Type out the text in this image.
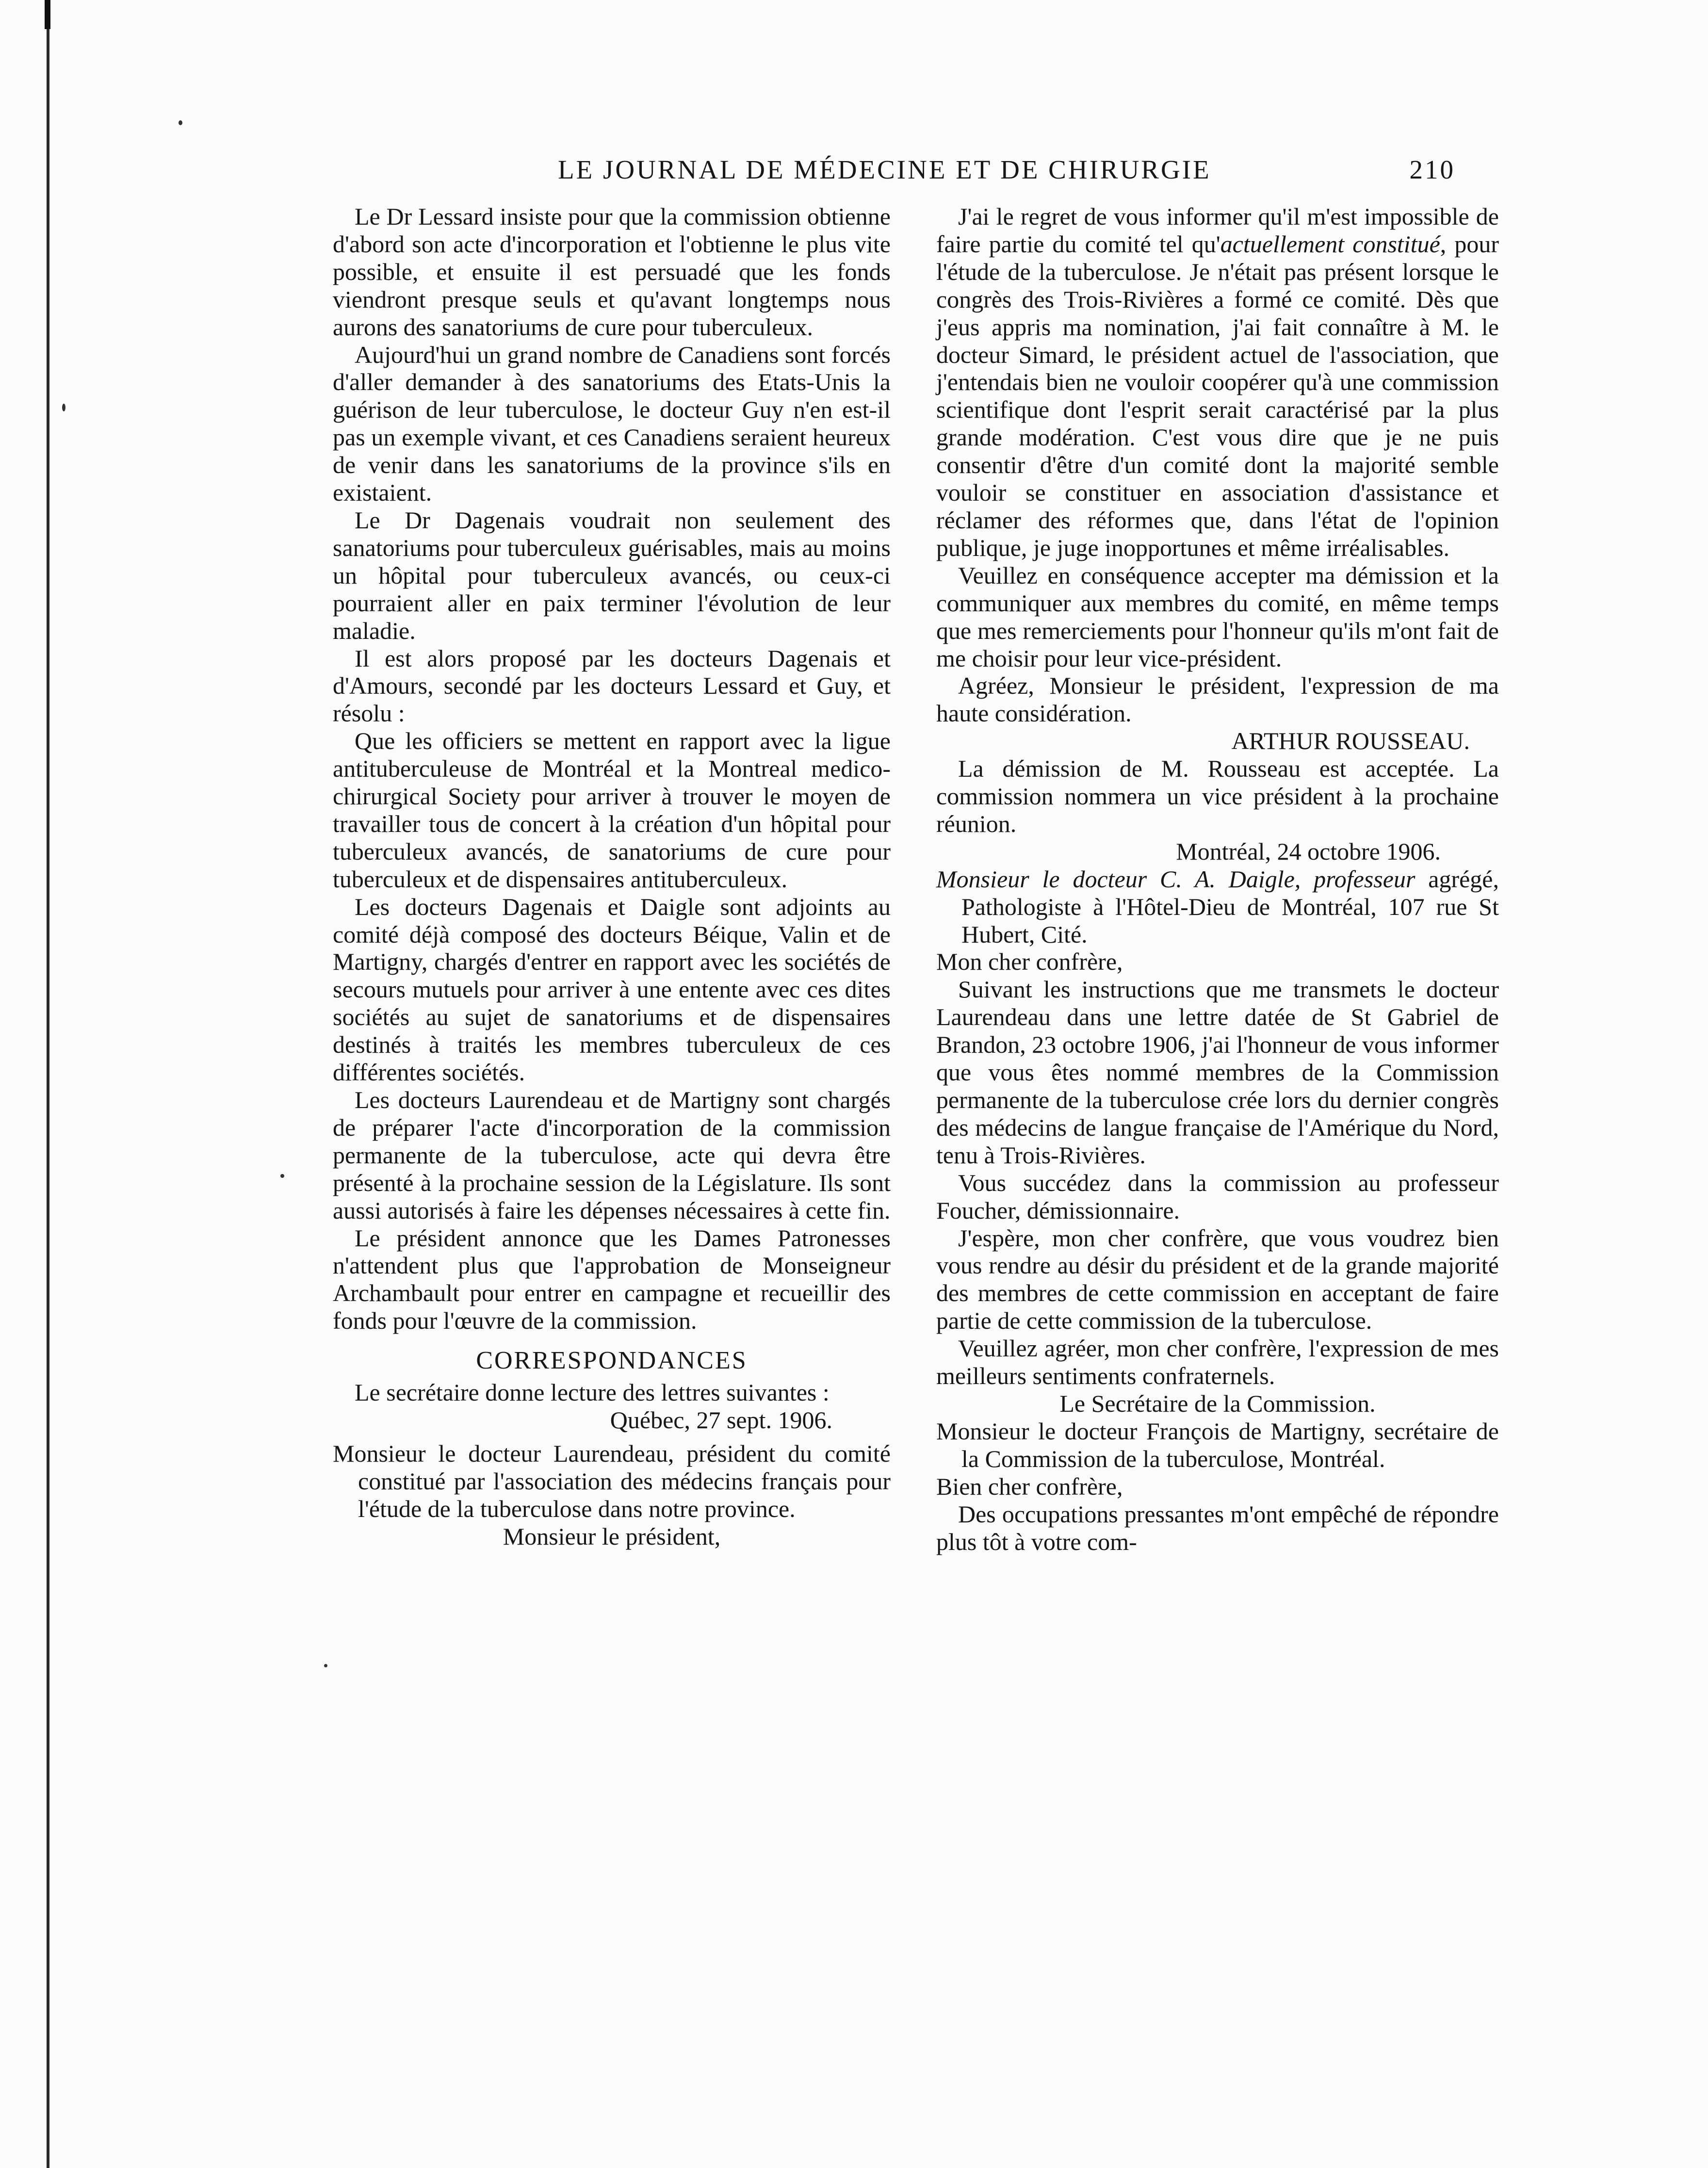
LE JOURNAL DE MÉDECINE ET DE CHIRURGIE	210

Le Dr Lessard insiste pour que la commission obtienne d'abord son acte d'incorporation et l'obtienne le plus vite possible, et ensuite il est persuadé que les fonds viendront presque seuls et qu'avant longtemps nous aurons des sanatoriums de cure pour tuberculeux.

Aujourd'hui un grand nombre de Canadiens sont forcés d'aller demander à des sanatoriums des Etats-Unis la guérison de leur tuberculose, le docteur Guy n'en est-il pas un exemple vivant, et ces Canadiens seraient heureux de venir dans les sanatoriums de la province s'ils en existaient.

Le Dr Dagenais voudrait non seulement des sanatoriums pour tuberculeux guérisables, mais au moins un hôpital pour tuberculeux avancés, ou ceux-ci pourraient aller en paix terminer l'évolution de leur maladie.

Il est alors proposé par les docteurs Dagenais et d'Amours, secondé par les docteurs Lessard et Guy, et résolu :

Que les officiers se mettent en rapport avec la ligue antituberculeuse de Montréal et la Montreal medico-chirurgical Society pour arriver à trouver le moyen de travailler tous de concert à la création d'un hôpital pour tuberculeux avancés, de sanatoriums de cure pour tuberculeux et de dispensaires antituberculeux.

Les docteurs Dagenais et Daigle sont adjoints au comité déjà composé des docteurs Béique, Valin et de Martigny, chargés d'entrer en rapport avec les sociétés de secours mutuels pour arriver à une entente avec ces dites sociétés au sujet de sanatoriums et de dispensaires destinés à traités les membres tuberculeux de ces différentes sociétés.

Les docteurs Laurendeau et de Martigny sont chargés de préparer l'acte d'incorporation de la commission permanente de la tuberculose, acte qui devra être présenté à la prochaine session de la Législature. Ils sont aussi autorisés à faire les dépenses nécessaires à cette fin.

Le président annonce que les Dames Patronesses n'attendent plus que l'approbation de Monseigneur Archambault pour entrer en campagne et recueillir des fonds pour l'œuvre de la commission.

CORRESPONDANCES

Le secrétaire donne lecture des lettres suivantes :

Québec, 27 sept. 1906.

Monsieur le docteur Laurendeau, président du comité constitué par l'association des médecins français pour l'étude de la tuberculose dans notre province.

Monsieur le président,

J'ai le regret de vous informer qu'il m'est impossible de faire partie du comité tel qu'actuellement constitué, pour l'étude de la tuberculose. Je n'était pas présent lorsque le congrès des Trois-Rivières a formé ce comité. Dès que j'eus appris ma nomination, j'ai fait connaître à M. le docteur Simard, le président actuel de l'association, que j'entendais bien ne vouloir coopérer qu'à une commission scientifique dont l'esprit serait caractérisé par la plus grande modération. C'est vous dire que je ne puis consentir d'être d'un comité dont la majorité semble vouloir se constituer en association d'assistance et réclamer des réformes que, dans l'état de l'opinion publique, je juge inopportunes et même irréalisables.

Veuillez en conséquence accepter ma démission et la communiquer aux membres du comité, en même temps que mes remerciements pour l'honneur qu'ils m'ont fait de me choisir pour leur vice-président.

Agréez, Monsieur le président, l'expression de ma haute considération.

ARTHUR ROUSSEAU.

La démission de M. Rousseau est acceptée. La commission nommera un vice président à la prochaine réunion.

Montréal, 24 octobre 1906.

Monsieur le docteur C. A. Daigle, professeur agrégé, Pathologiste à l'Hôtel-Dieu de Montréal, 107 rue St Hubert, Cité.

Mon cher confrère,

Suivant les instructions que me transmets le docteur Laurendeau dans une lettre datée de St Gabriel de Brandon, 23 octobre 1906, j'ai l'honneur de vous informer que vous êtes nommé membres de la Commission permanente de la tuberculose crée lors du dernier congrès des médecins de langue française de l'Amérique du Nord, tenu à Trois-Rivières.

Vous succédez dans la commission au professeur Foucher, démissionnaire.

J'espère, mon cher confrère, que vous voudrez bien vous rendre au désir du président et de la grande majorité des membres de cette commission en acceptant de faire partie de cette commission de la tuberculose.

Veuillez agréer, mon cher confrère, l'expression de mes meilleurs sentiments confraternels.

Le Secrétaire de la Commission.

Monsieur le docteur François de Martigny, secrétaire de la Commission de la tuberculose, Montréal.

Bien cher confrère,

Des occupations pressantes m'ont empêché de répondre plus tôt à votre com-
